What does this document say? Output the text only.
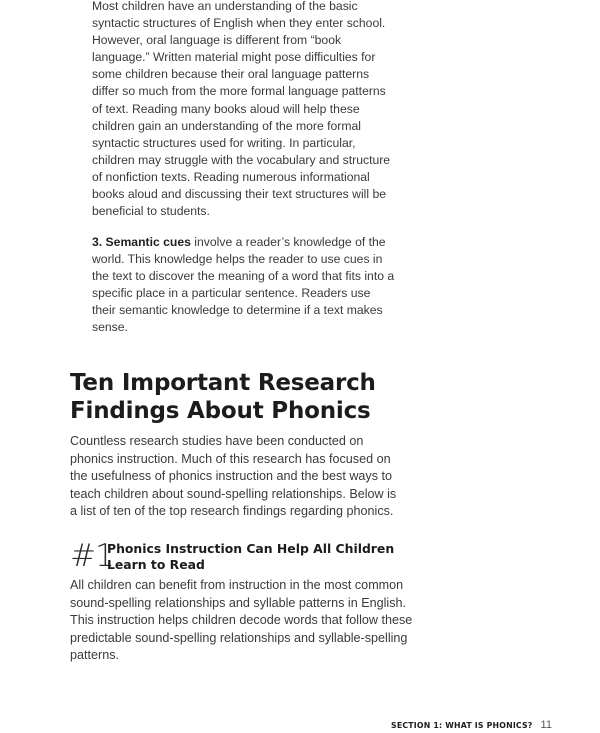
Most children have an understanding of the basic syntactic structures of English when they enter school. However, oral language is different from “book language.” Written material might pose difficulties for some children because their oral language patterns differ so much from the more formal language patterns of text. Reading many books aloud will help these children gain an understanding of the more formal syntactic structures used for writing. In particular, children may struggle with the vocabulary and structure of nonfiction texts. Reading numerous informational books aloud and discussing their text structures will be beneficial to students.

3. Semantic cues involve a reader’s knowledge of the world. This knowledge helps the reader to use cues in the text to discover the meaning of a word that fits into a specific place in a particular sentence. Readers use their semantic knowledge to determine if a text makes sense.

Ten Important Research Findings About Phonics

Countless research studies have been conducted on phonics instruction. Much of this research has focused on the usefulness of phonics instruction and the best ways to teach children about sound-spelling relationships. Below is a list of ten of the top research findings regarding phonics.

#1
Phonics Instruction Can Help All Children Learn to Read

All children can benefit from instruction in the most common sound-spelling relationships and syllable patterns in English. This instruction helps children decode words that follow these predictable sound-spelling relationships and syllable-spelling patterns.

SECTION 1: WHAT IS PHONICS? 11
